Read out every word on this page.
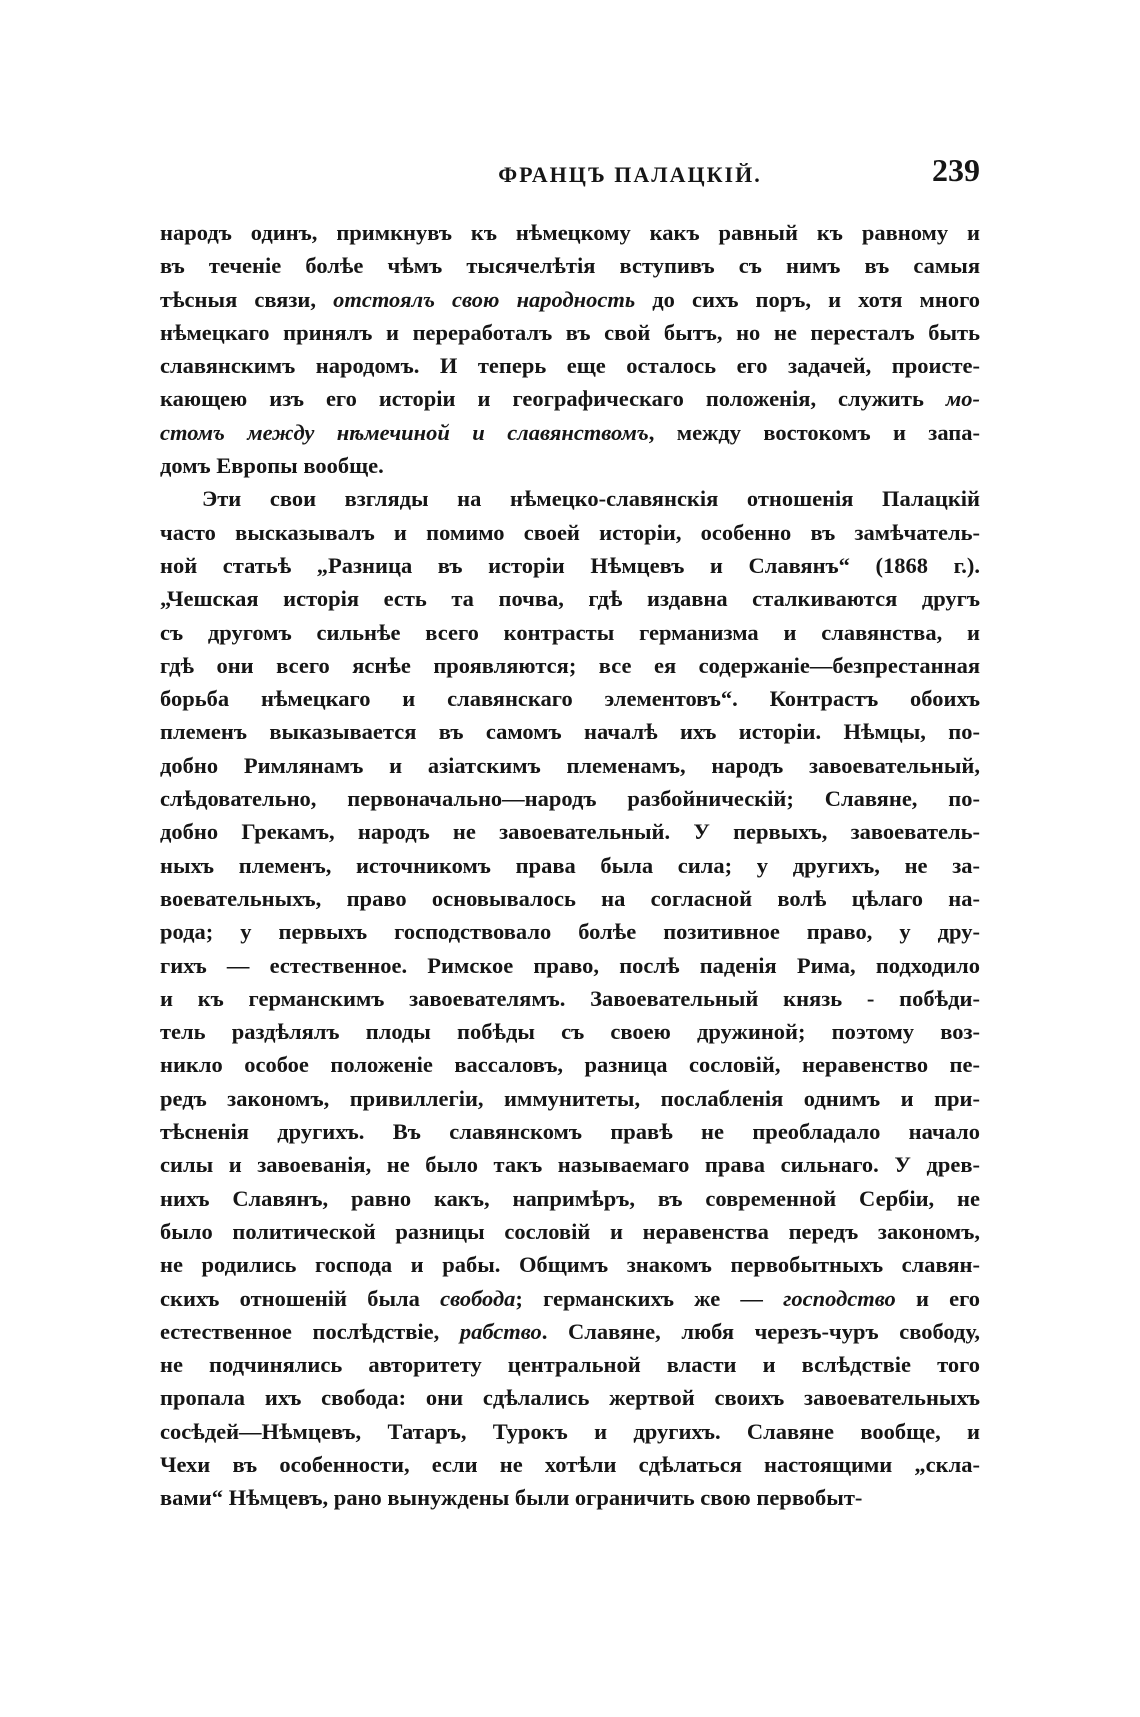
ФРАНЦЪ ПАЛАЦКІЙ.	239
народъ одинъ, примкнувъ къ нѣмецкому какъ равный къ равному и
въ теченіе болѣе чѣмъ тысячелѣтія вступивъ съ нимъ въ самыя
тѣсныя связи, отстоялъ свою народность до сихъ поръ, и хотя много
нѣмецкаго принялъ и переработалъ въ свой бытъ, но не пересталъ быть
славянскимъ народомъ. И теперь еще осталось его задачей, происте-
кающею изъ его исторіи и географическаго положенія, служить мо-
стомъ между нѣмечиной и славянствомъ, между востокомъ и запа-
домъ Европы вообще.
Эти свои взгляды на нѣмецко-славянскія отношенія Палацкій
часто высказывалъ и помимо своей исторіи, особенно въ замѣчатель-
ной статьѣ „Разница въ исторіи Нѣмцевъ и Славянъ“ (1868 г.).
„Чешская исторія есть та почва, гдѣ издавна сталкиваются другъ
съ другомъ сильнѣе всего контрасты германизма и славянства, и
гдѣ они всего яснѣе проявляются; все ея содержаніе—безпрестанная
борьба нѣмецкаго и славянскаго элементовъ“. Контрастъ обоихъ
племенъ выказывается въ самомъ началѣ ихъ исторіи. Нѣмцы, по-
добно Римлянамъ и азіатскимъ племенамъ, народъ завоевательный,
слѣдовательно, первоначально—народъ разбойническій; Славяне, по-
добно Грекамъ, народъ не завоевательный. У первыхъ, завоеватель-
ныхъ племенъ, источникомъ права была сила; у другихъ, не за-
воевательныхъ, право основывалось на согласной волѣ цѣлаго на-
рода; у первыхъ господствовало болѣе позитивное право, у дру-
гихъ — естественное. Римское право, послѣ паденія Рима, подходило
и къ германскимъ завоевателямъ. Завоевательный князь - побѣди-
тель раздѣлялъ плоды побѣды съ своею дружиной; поэтому воз-
никло особое положеніе вассаловъ, разница сословій, неравенство пе-
редъ закономъ, привиллегіи, иммунитеты, послабленія однимъ и при-
тѣсненія другихъ. Въ славянскомъ правѣ не преобладало начало
силы и завоеванія, не было такъ называемаго права сильнаго. У древ-
нихъ Славянъ, равно какъ, напримѣръ, въ современной Сербіи, не
было политической разницы сословій и неравенства передъ закономъ,
не родились господа и рабы. Общимъ знакомъ первобытныхъ славян-
скихъ отношеній была свобода; германскихъ же — господство и его
естественное послѣдствіе, рабство. Славяне, любя черезъ-чуръ свободу,
не подчинялись авторитету центральной власти и вслѣдствіе того
пропала ихъ свобода: они сдѣлались жертвой своихъ завоевательныхъ
сосѣдей—Нѣмцевъ, Татаръ, Турокъ и другихъ. Славяне вообще, и
Чехи въ особенности, если не хотѣли сдѣлаться настоящими „скла-
вами“ Нѣмцевъ, рано вынуждены были ограничить свою первобыт-
